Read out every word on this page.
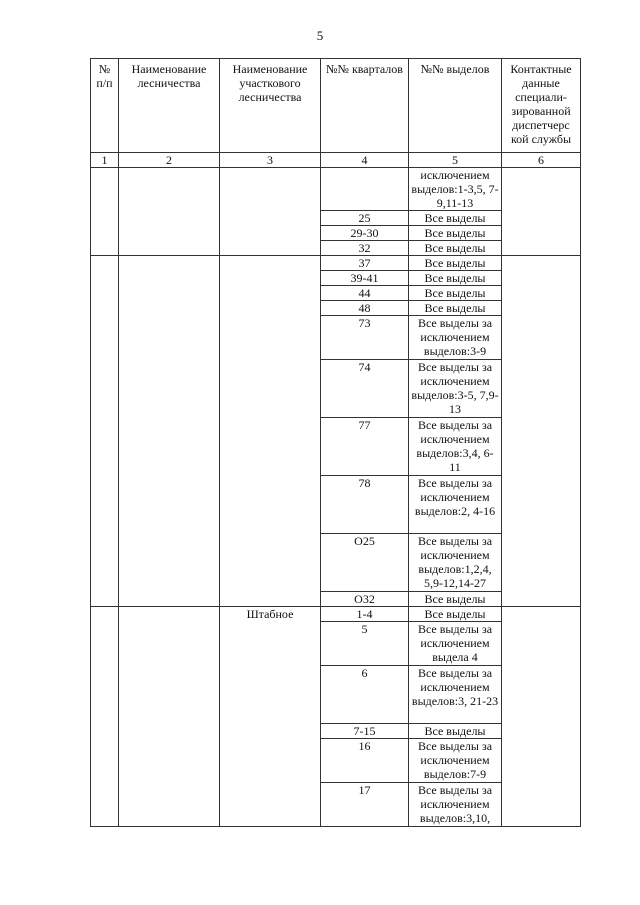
5
№ п/п	Наименование лесничества	Наименование участкового лесничества	№№ кварталов	№№ выделов	Контактные данные специали-зированной диспетчерс кой службы
1	2	3	4	5	6
				исключением выделов:1-3,5, 7-9,11-13	
			25	Все выделы	
			29-30	Все выделы	
			32	Все выделы	
			37	Все выделы	
			39-41	Все выделы	
			44	Все выделы	
			48	Все выделы	
			73	Все выделы за исключением выделов:3-9	
			74	Все выделы за исключением выделов:3-5, 7,9-13	
			77	Все выделы за исключением выделов:3,4, 6-11	
			78	Все выделы за исключением выделов:2, 4-16	
			О25	Все выделы за исключением выделов:1,2,4, 5,9-12,14-27	
			О32	Все выделы	
		Штабное	1-4	Все выделы	
			5	Все выделы за исключением выдела 4	
			6	Все выделы за исключением выделов:3, 21-23	
			7-15	Все выделы	
			16	Все выделы за исключением выделов:7-9	
			17	Все выделы за исключением выделов:3,10,	
